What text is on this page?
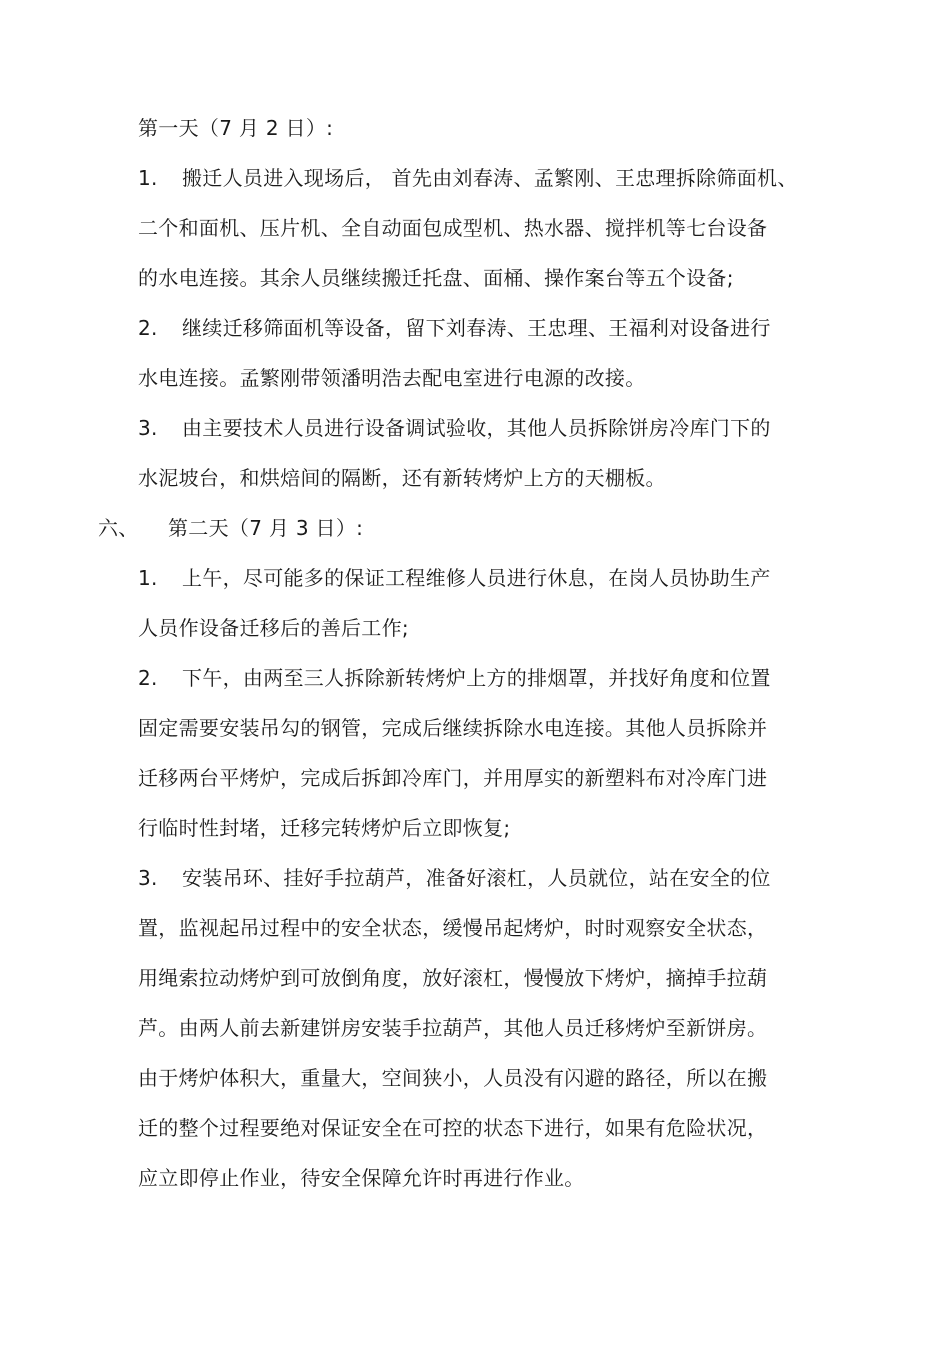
第一天（7 月 2 日）:
1. 搬迁人员进入现场后， 首先由刘春涛、孟繁刚、王忠理拆除筛面机、
二个和面机、压片机、全自动面包成型机、热水器、搅拌机等七台设备
的水电连接。其余人员继续搬迁托盘、面桶、操作案台等五个设备;
2. 继续迁移筛面机等设备，留下刘春涛、王忠理、王福利对设备进行
水电连接。孟繁刚带领潘明浩去配电室进行电源的改接。
3. 由主要技术人员进行设备调试验收，其他人员拆除饼房冷库门下的
水泥坡台，和烘焙间的隔断，还有新转烤炉上方的天棚板。
六、 第二天（7 月 3 日）:
1. 上午，尽可能多的保证工程维修人员进行休息，在岗人员协助生产
人员作设备迁移后的善后工作;
2. 下午，由两至三人拆除新转烤炉上方的排烟罩，并找好角度和位置
固定需要安装吊勾的钢管，完成后继续拆除水电连接。其他人员拆除并
迁移两台平烤炉，完成后拆卸冷库门，并用厚实的新塑料布对冷库门进
行临时性封堵，迁移完转烤炉后立即恢复;
3. 安装吊环、挂好手拉葫芦，准备好滚杠，人员就位，站在安全的位
置，监视起吊过程中的安全状态，缓慢吊起烤炉，时时观察安全状态，
用绳索拉动烤炉到可放倒角度，放好滚杠，慢慢放下烤炉，摘掉手拉葫
芦。由两人前去新建饼房安装手拉葫芦，其他人员迁移烤炉至新饼房。
由于烤炉体积大，重量大，空间狭小，人员没有闪避的路径，所以在搬
迁的整个过程要绝对保证安全在可控的状态下进行，如果有危险状况，
应立即停止作业，待安全保障允许时再进行作业。
